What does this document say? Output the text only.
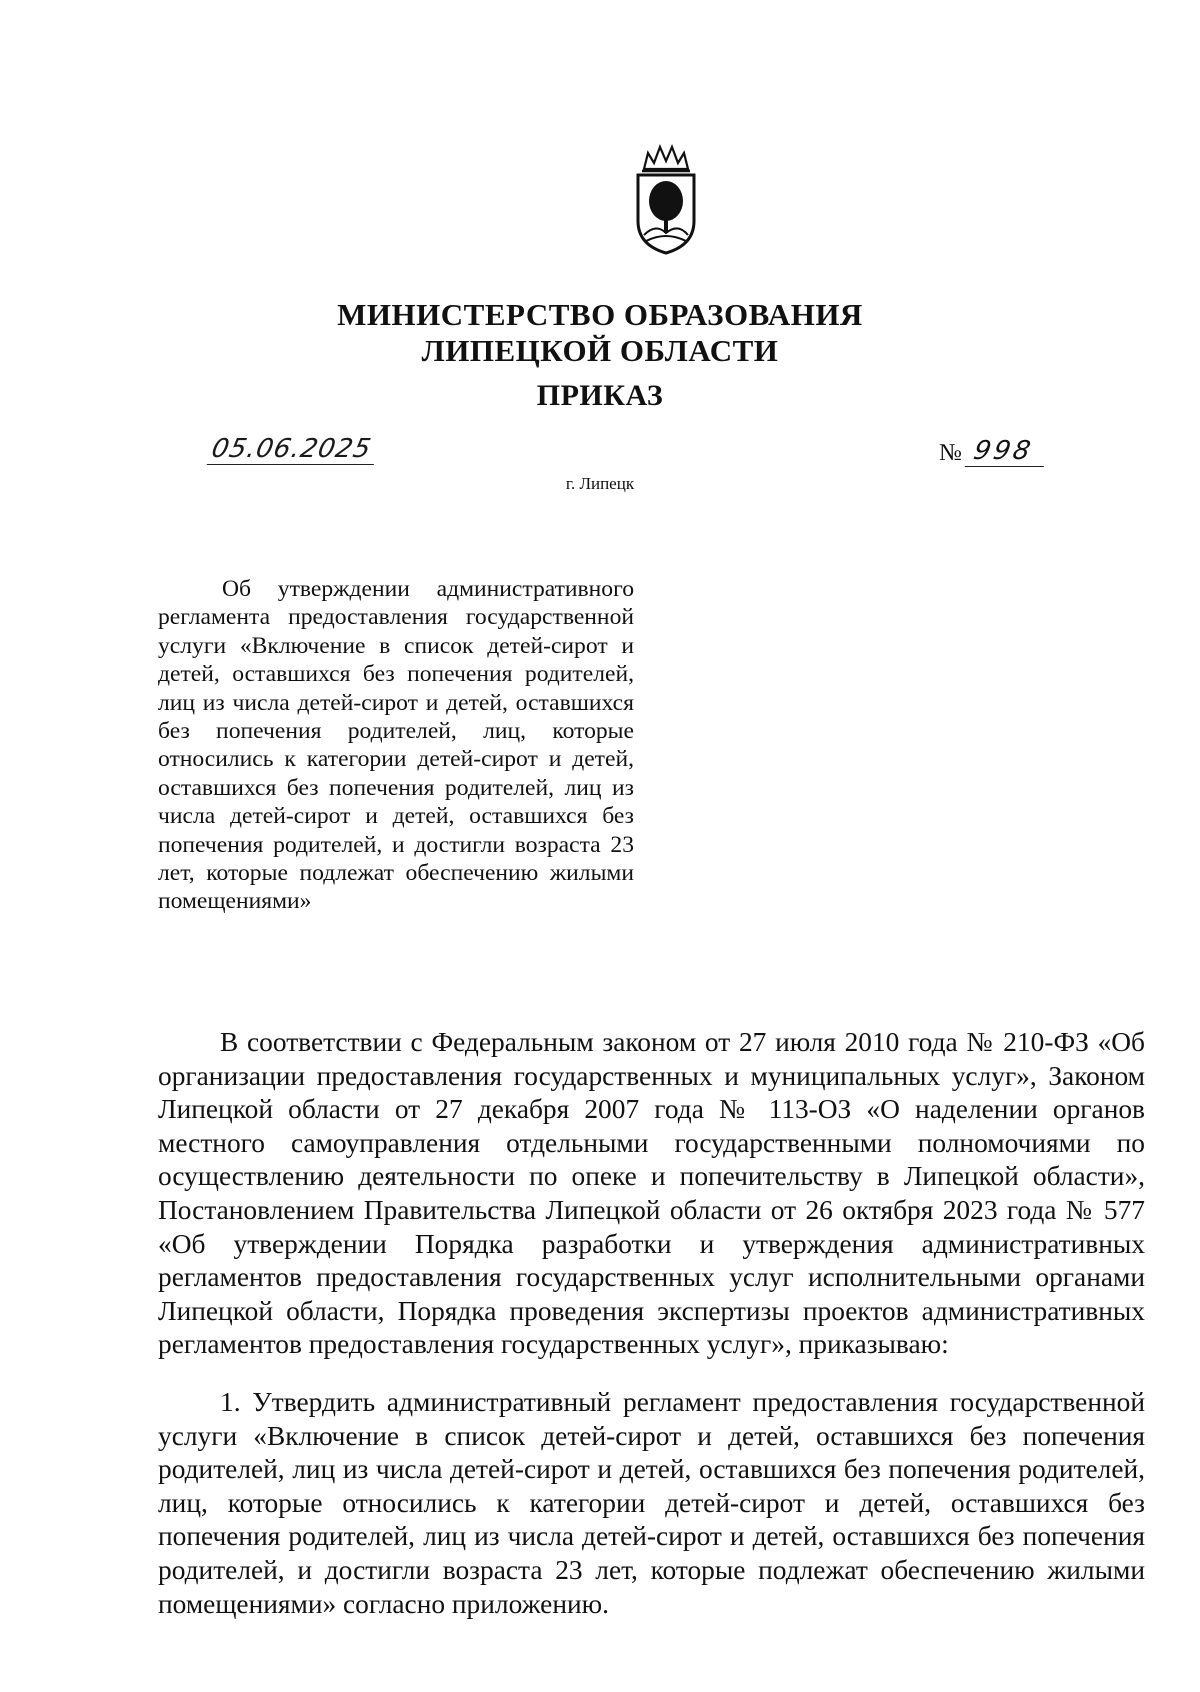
МИНИСТЕРСТВО ОБРАЗОВАНИЯ
ЛИПЕЦКОЙ ОБЛАСТИ
ПРИКАЗ
05.06.2025	№ 998
г. Липецк
Об утверждении административного регламента предоставления государственной услуги «Включение в список детей-сирот и детей, оставшихся без попечения родителей, лиц из числа детей-сирот и детей, оставшихся без попечения родителей, лиц, которые относились к категории детей-сирот и детей, оставшихся без попечения родителей, лиц из числа детей-сирот и детей, оставшихся без попечения родителей, и достигли возраста 23 лет, которые подлежат обеспечению жилыми помещениями»
В соответствии с Федеральным законом от 27 июля 2010 года № 210-ФЗ «Об организации предоставления государственных и муниципальных услуг», Законом Липецкой области от 27 декабря 2007 года № 113-ОЗ «О наделении органов местного самоуправления отдельными государственными полномочиями по осуществлению деятельности по опеке и попечительству в Липецкой области», Постановлением Правительства Липецкой области от 26 октября 2023 года № 577 «Об утверждении Порядка разработки и утверждения административных регламентов предоставления государственных услуг исполнительными органами Липецкой области, Порядка проведения экспертизы проектов административных регламентов предоставления государственных услуг», приказываю:
1. Утвердить административный регламент предоставления государственной услуги «Включение в список детей-сирот и детей, оставшихся без попечения родителей, лиц из числа детей-сирот и детей, оставшихся без попечения родителей, лиц, которые относились к категории детей-сирот и детей, оставшихся без попечения родителей, лиц из числа детей-сирот и детей, оставшихся без попечения родителей, и достигли возраста 23 лет, которые подлежат обеспечению жилыми помещениями» согласно приложению.
